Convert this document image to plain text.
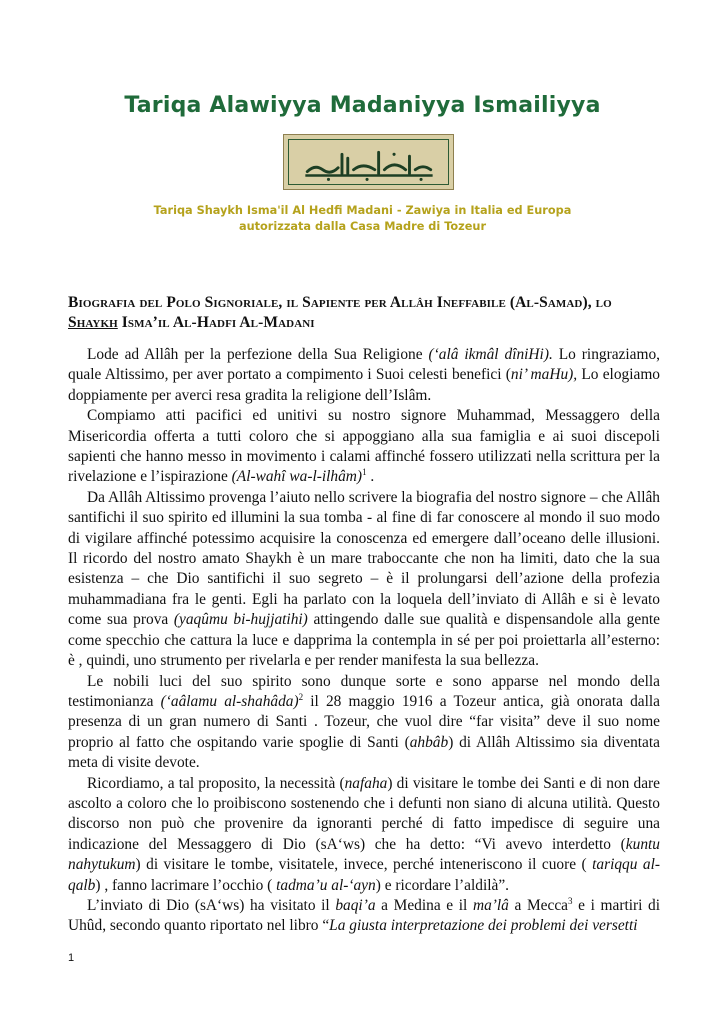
Tariqa Alawiyya Madaniyya Ismailiyya
Tariqa Shaykh Isma'il Al Hedfi Madani - Zawiya in Italia ed Europa
autorizzata dalla Casa Madre di Tozeur
Biografia del Polo Signoriale, il Sapiente per Allâh Ineffabile (Al-Samad), lo
Shaykh Isma’il Al-Hadfi Al-Madani

Lode ad Allâh per la perfezione della Sua Religione (‘alâ ikmâl dîniHi). Lo ringraziamo, quale Altissimo, per aver portato a compimento i Suoi celesti benefici (ni’ maHu), Lo elogiamo doppiamente per averci resa gradita la religione dell’Islâm.

Compiamo atti pacifici ed unitivi su nostro signore Muhammad, Messaggero della Misericordia offerta a tutti coloro che si appoggiano alla sua famiglia e ai suoi discepoli sapienti che hanno messo in movimento i calami affinché fossero utilizzati nella scrittura per la rivelazione e l’ispirazione (Al-wahî wa-l-ilhâm)$^1$ .

Da Allâh Altissimo provenga l’aiuto nello scrivere la biografia del nostro signore – che Allâh santifichi il suo spirito ed illumini la sua tomba - al fine di far conoscere al mondo il suo modo di vigilare affinché potessimo acquisire la conoscenza ed emergere dall’oceano delle illusioni. Il ricordo del nostro amato Shaykh è un mare traboccante che non ha limiti, dato che la sua esistenza – che Dio santifichi il suo segreto – è il prolungarsi dell’azione della profezia muhammadiana fra le genti. Egli ha parlato con la loquela dell’inviato di Allâh e si è levato come sua prova (yaqûmu bi-hujjatihi) attingendo dalle sue qualità e dispensandole alla gente come specchio che cattura la luce e dapprima la contempla in sé per poi proiettarla all’esterno: è , quindi, uno strumento per rivelarla e per render manifesta la sua bellezza.

Le nobili luci del suo spirito sono dunque sorte e sono apparse nel mondo della testimonianza (‘aâlamu al-shahâda)$^2$ il 28 maggio 1916 a Tozeur antica, già onorata dalla presenza di un gran numero di Santi . Tozeur, che vuol dire “far visita” deve il suo nome proprio al fatto che ospitando varie spoglie di Santi (ahbâb) di Allâh Altissimo sia diventata meta di visite devote.

Ricordiamo, a tal proposito, la necessità (nafaha) di visitare le tombe dei Santi e di non dare ascolto a coloro che lo proibiscono sostenendo che i defunti non siano di alcuna utilità. Questo discorso non può che provenire da ignoranti perché di fatto impedisce di seguire una indicazione del Messaggero di Dio (sA‘ws) che ha detto: “Vi avevo interdetto (kuntu nahytukum) di visitare le tombe, visitatele, invece, perché inteneriscono il cuore ( tariqqu al-qalb) , fanno lacrimare l’occhio ( tadma’u al-‘ayn) e ricordare l’aldilà”.

L’inviato di Dio (sA‘ws) ha visitato il baqi’a a Medina e il ma’lâ a Mecca$^3$ e i martiri di Uhûd, secondo quanto riportato nel libro “La giusta interpretazione dei problemi dei versetti

1
